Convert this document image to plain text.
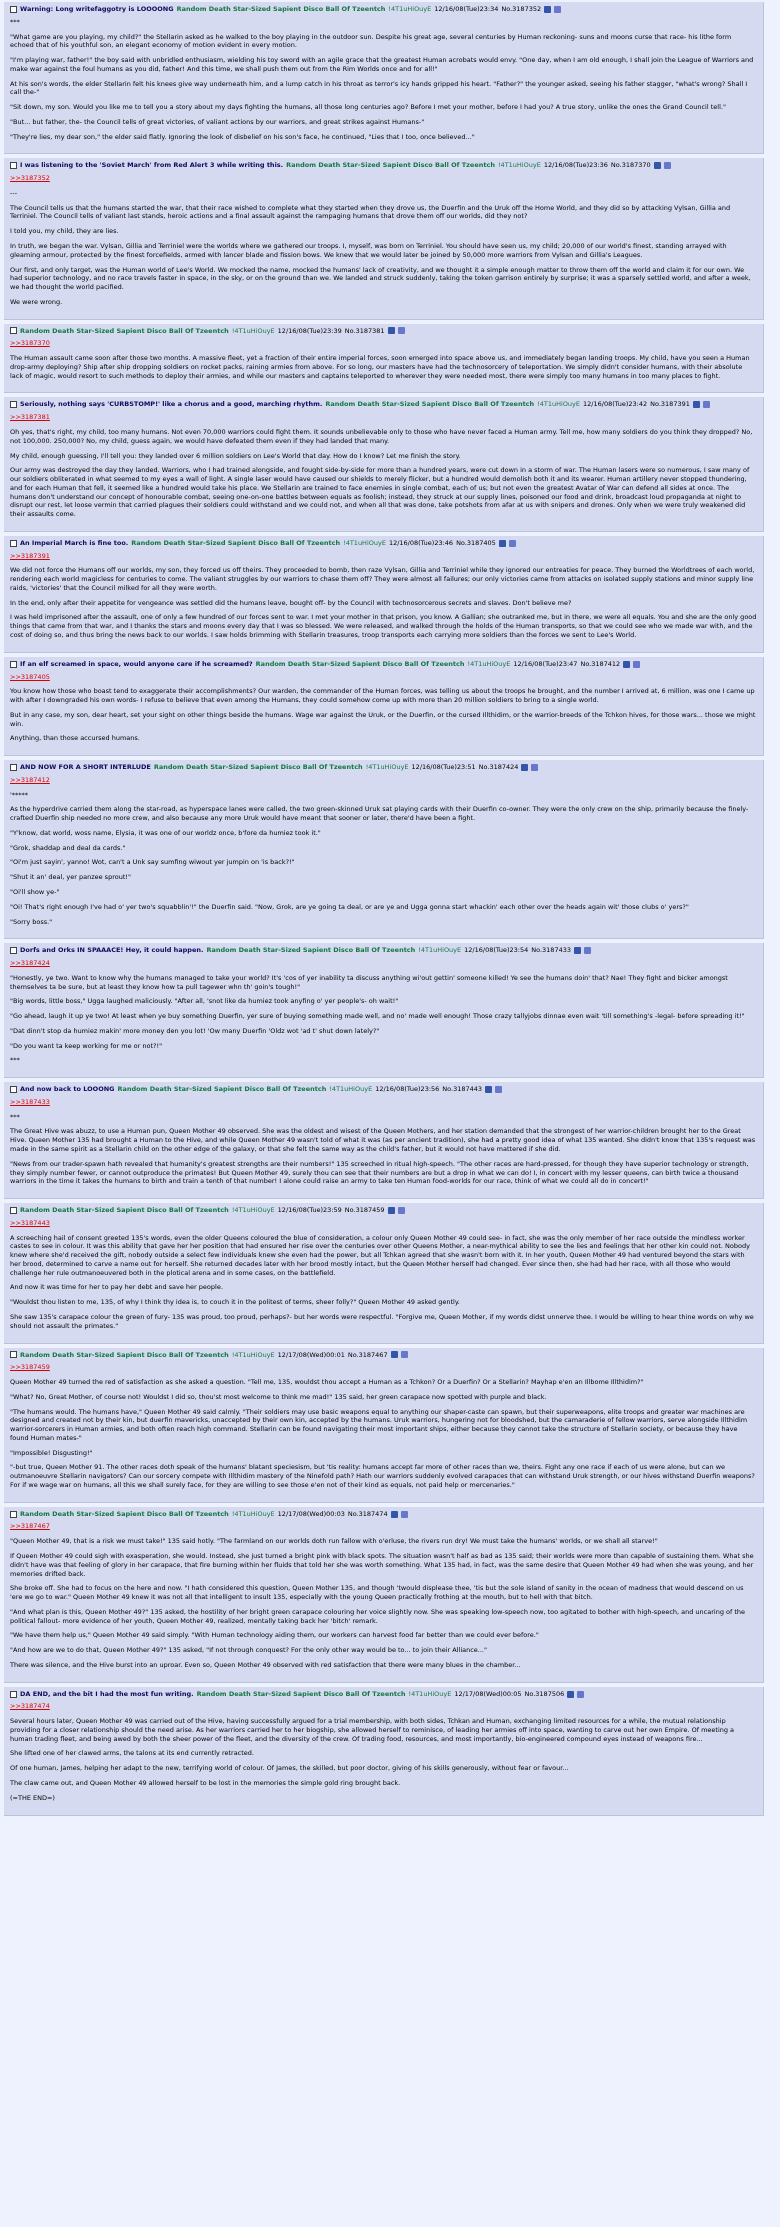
Warning: Long writefaggotry is LOOOONG Random Death Star-Sized Sapient Disco Ball Of Tzeentch !4T1uHiOuyE 12/16/08(Tue)23:34 No.3187352

***

"What game are you playing, my child?" the Stellarin asked as he walked to the boy playing in the outdoor sun. Despite his great age, several centuries by Human reckoning- suns and moons curse that race- his lithe form echoed that of his youthful son, an elegant economy of motion evident in every motion.

"I'm playing war, father!" the boy said with unbridled enthusiasm, wielding his toy sword with an agile grace that the greatest Human acrobats would envy. "One day, when I am old enough, I shall join the League of Warriors and make war against the foul humans as you did, father! And this time, we shall push them out from the Rim Worlds once and for all!"

At his son's words, the elder Stellarin felt his knees give way underneath him, and a lump catch in his throat as terror's icy hands gripped his heart. "Father?" the younger asked, seeing his father stagger, "what's wrong? Shall I call the-"

"Sit down, my son. Would you like me to tell you a story about my days fighting the humans, all those long centuries ago? Before I met your mother, before I had you? A true story, unlike the ones the Grand Council tell."

"But... but father, the- the Council tells of great victories, of valiant actions by our warriors, and great strikes against Humans-"

"They're lies, my dear son," the elder said flatly. Ignoring the look of disbelief on his son's face, he continued, "Lies that I too, once believed..."

I was listening to the 'Soviet March' from Red Alert 3 while writing this. Random Death Star-Sized Sapient Disco Ball Of Tzeentch !4T1uHiOuyE 12/16/08(Tue)23:36 No.3187370

>>3187352

---

The Council tells us that the humans started the war, that their race wished to complete what they started when they drove us, the Duerfin and the Uruk off the Home World, and they did so by attacking Vylsan, Gillia and Terriniel. The Council tells of valiant last stands, heroic actions and a final assault against the rampaging humans that drove them off our worlds, did they not?

I told you, my child, they are lies.

In truth, we began the war. Vylsan, Gillia and Terriniel were the worlds where we gathered our troops. I, myself, was born on Terriniel. You should have seen us, my child; 20,000 of our world's finest, standing arrayed with gleaming armour, protected by the finest forcefields, armed with lancer blade and fission bows. We knew that we would later be joined by 50,000 more warriors from Vylsan and Gillia's Leagues.

Our first, and only target, was the Human world of Lee's World. We mocked the name, mocked the humans' lack of creativity, and we thought it a simple enough matter to throw them off the world and claim it for our own. We had superior technology, and no race travels faster in space, in the sky, or on the ground than we. We landed and struck suddenly, taking the token garrison entirely by surprise; it was a sparsely settled world, and after a week, we had thought the world pacified.

We were wrong.

Random Death Star-Sized Sapient Disco Ball Of Tzeentch !4T1uHiOuyE 12/16/08(Tue)23:39 No.3187381

>>3187370

The Human assault came soon after those two months. A massive fleet, yet a fraction of their entire imperial forces, soon emerged into space above us, and immediately began landing troops. My child, have you seen a Human drop-army deploying? Ship after ship dropping soldiers on rocket packs, raining armies from above. For so long, our masters have had the technosorcery of teleportation. We simply didn't consider humans, with their absolute lack of magic, would resort to such methods to deploy their armies, and while our masters and captains teleported to wherever they were needed most, there were simply too many humans in too many places to fight.

Seriously, nothing says 'CURBSTOMP!' like a chorus and a good, marching rhythm. Random Death Star-Sized Sapient Disco Ball Of Tzeentch !4T1uHiOuyE 12/16/08(Tue)23:42 No.3187391

>>3187381

Oh yes, that's right, my child, too many humans. Not even 70,000 warriors could fight them. It sounds unbelievable only to those who have never faced a Human army. Tell me, how many soldiers do you think they dropped? No, not 100,000. 250,000? No, my child, guess again, we would have defeated them even if they had landed that many.

My child, enough guessing, I'll tell you: they landed over 6 million soldiers on Lee's World that day. How do I know? Let me finish the story.

Our army was destroyed the day they landed. Warriors, who I had trained alongside, and fought side-by-side for more than a hundred years, were cut down in a storm of war. The Human lasers were so numerous, I saw many of our soldiers obliterated in what seemed to my eyes a wall of light. A single laser would have caused our shields to merely flicker, but a hundred would demolish both it and its wearer. Human artillery never stopped thundering, and for each Human that fell, it seemed like a hundred would take his place. We Stellarin are trained to face enemies in single combat, each of us; but not even the greatest Avatar of War can defend all sides at once. The humans don't understand our concept of honourable combat, seeing one-on-one battles between equals as foolish; instead, they struck at our supply lines, poisoned our food and drink, broadcast loud propaganda at night to disrupt our rest, let loose vermin that carried plagues their soldiers could withstand and we could not, and when all that was done, take potshots from afar at us with snipers and drones. Only when we were truly weakened did their assaults come.

An Imperial March is fine too. Random Death Star-Sized Sapient Disco Ball Of Tzeentch !4T1uHiOuyE 12/16/08(Tue)23:46 No.3187405

>>3187391

We did not force the Humans off our worlds, my son, they forced us off theirs. They proceeded to bomb, then raze Vylsan, Gillia and Terriniel while they ignored our entreaties for peace. They burned the Worldtrees of each world, rendering each world magicless for centuries to come. The valiant struggles by our warriors to chase them off? They were almost all failures; our only victories came from attacks on isolated supply stations and minor supply line raids, 'victories' that the Council milked for all they were worth.

In the end, only after their appetite for vengeance was settled did the humans leave, bought off- by the Council with technosorcerous secrets and slaves. Don't believe me?

I was held imprisoned after the assault, one of only a few hundred of our forces sent to war. I met your mother in that prison, you know. A Gallian; she outranked me, but in there, we were all equals. You and she are the only good things that came from that war, and I thanks the stars and moons every day that I was so blessed. We were released, and walked through the holds of the Human transports, so that we could see who we made war with, and the cost of doing so, and thus bring the news back to our worlds. I saw holds brimming with Stellarin treasures, troop transports each carrying more soldiers than the forces we sent to Lee's World.

If an elf screamed in space, would anyone care if he screamed? Random Death Star-Sized Sapient Disco Ball Of Tzeentch !4T1uHiOuyE 12/16/08(Tue)23:47 No.3187412

>>3187405

You know how those who boast tend to exaggerate their accomplishments? Our warden, the commander of the Human forces, was telling us about the troops he brought, and the number I arrived at, 6 million, was one I came up with after I downgraded his own words- I refuse to believe that even among the Humans, they could somehow come up with more than 20 million soldiers to bring to a single world.

But in any case, my son, dear heart, set your sight on other things beside the humans. Wage war against the Uruk, or the Duerfin, or the cursed Illthidim, or the warrior-breeds of the Tchkon hives, for those wars... those we might win.

Anything, than those accursed humans.

AND NOW FOR A SHORT INTERLUDE Random Death Star-Sized Sapient Disco Ball Of Tzeentch !4T1uHiOuyE 12/16/08(Tue)23:51 No.3187424

>>3187412

'*****

As the hyperdrive carried them along the star-road, as hyperspace lanes were called, the two green-skinned Uruk sat playing cards with their Duerfin co-owner. They were the only crew on the ship, primarily because the finely-crafted Duerfin ship needed no more crew, and also because any more Uruk would have meant that sooner or later, there'd have been a fight.

"Y'know, dat world, woss name, Elysia, it was one of our worldz once, b'fore da humiez took it."

"Grok, shaddap and deal da cards."

"Oi'm just sayin', yanno! Wot, can't a Unk say sumfing wiwout yer jumpin on 'is back?!"

"Shut it an' deal, yer panzee sprout!"

"Oi'll show ye-"

"Oi! That's right enough I've had o' yer two's squabblin'!" the Duerfin said. "Now, Grok, are ye going ta deal, or are ye and Ugga gonna start whackin' each other over the heads again wit' those clubs o' yers?"

"Sorry boss."

Dorfs and Orks IN SPAAACE! Hey, it could happen. Random Death Star-Sized Sapient Disco Ball Of Tzeentch !4T1uHiOuyE 12/16/08(Tue)23:54 No.3187433

>>3187424

"Honestly, ye two. Want to know why the humans managed to take your world? It's 'cos of yer inability ta discuss anything wi'out gettin' someone killed! Ye see the humans doin' that? Nae! They fight and bicker amongst themselves ta be sure, but at least they know how ta pull tagewer whn th' goin's tough!"

"Big words, little boss," Ugga laughed maliciously. "After all, 'snot like da humiez took anyfing o' yer people's- oh wait!"

"Go ahead, laugh it up ye two! At least when ye buy something Duerfin, yer sure of buying something made well, and no' made well enough! Those crazy tallyjobs dinnae even wait 'till something's -legal- before spreading it!"

"Dat dinn't stop da humiez makin' more money den you lot! 'Ow many Duerfin 'Oldz wot 'ad t' shut down lately?"

"Do you want ta keep working for me or not?!"

***

And now back to LOOONG Random Death Star-Sized Sapient Disco Ball Of Tzeentch !4T1uHiOuyE 12/16/08(Tue)23:56 No.3187443

>>3187433

***

The Great Hive was abuzz, to use a Human pun, Queen Mother 49 observed. She was the oldest and wisest of the Queen Mothers, and her station demanded that the strongest of her warrior-children brought her to the Great Hive. Queen Mother 135 had brought a Human to the Hive, and while Queen Mother 49 wasn't told of what it was (as per ancient tradition), she had a pretty good idea of what 135 wanted. She didn't know that 135's request was made in the same spirit as a Stellarin child on the other edge of the galaxy, or that she felt the same way as the child's father, but it would not have mattered if she did.

"News from our trader-spawn hath revealed that humanity's greatest strengths are their numbers!" 135 screeched in ritual high-speech. "The other races are hard-pressed, for though they have superior technology or strength, they simply number fewer, or cannot outproduce the primates! But Queen Mother 49, surely thou can see that their numbers are but a drop in what we can do! I, in concert with my lesser queens, can birth twice a thousand warriors in the time it takes the humans to birth and train a tenth of that number! I alone could raise an army to take ten Human food-worlds for our race, think of what we could all do in concert!"

Random Death Star-Sized Sapient Disco Ball Of Tzeentch !4T1uHiOuyE 12/16/08(Tue)23:59 No.3187459

>>3187443

A screeching hail of consent greeted 135's words, even the older Queens coloured the blue of consideration, a colour only Queen Mother 49 could see- in fact, she was the only member of her race outside the mindless worker castes to see in colour. It was this ability that gave her her position that had ensured her rise over the centuries over other Queens Mother, a near-mythical ability to see the lies and feelings that her other kin could not. Nobody knew where she'd received the gift, nobody outside a select few individuals knew she even had the power, but all Tchkan agreed that she wasn't born with it. In her youth, Queen Mother 49 had ventured beyond the stars with her brood, determined to carve a name out for herself. She returned decades later with her brood mostly intact, but the Queen Mother herself had changed. Ever since then, she had had her race, with all those who would challenge her rule outmanoeuvered both in the plotical arena and in some cases, on the battlefield.

And now it was time for her to pay her debt and save her people.

"Wouldst thou listen to me, 135, of why I think thy idea is, to couch it in the politest of terms, sheer folly?" Queen Mother 49 asked gently.

She saw 135's carapace colour the green of fury- 135 was proud, too proud, perhaps?- but her words were respectful. "Forgive me, Queen Mother, if my words didst unnerve thee. I would be willing to hear thine words on why we should not assault the primates."

Random Death Star-Sized Sapient Disco Ball Of Tzeentch !4T1uHiOuyE 12/17/08(Wed)00:01 No.3187467

>>3187459

Queen Mother 49 turned the red of satisfaction as she asked a question. "Tell me, 135, wouldst thou accept a Human as a Tchkon? Or a Duerfin? Or a Stellarin? Mayhap e'en an Illbome Illthidim?"

"What? No, Great Mother, of course not! Wouldst I did so, thou'st most welcome to think me mad!" 135 said, her green carapace now spotted with purple and black.

"The humans would. The humans have," Queen Mother 49 said calmly. "Their soldiers may use basic weapons equal to anything our shaper-caste can spawn, but their superweapons, elite troops and greater war machines are designed and created not by their kin, but duerfin mavericks, unaccepted by their own kin, accepted by the humans. Uruk warriors, hungering not for bloodshed, but the camaraderie of fellow warriors, serve alongside Illthidim warrior-sorcerers in Human armies, and both often reach high command. Stellarin can be found navigating their most important ships, either because they cannot take the structure of Stellarin society, or because they have found Human mates-"

"Impossible! Disgusting!"

"-but true, Queen Mother 91. The other races doth speak of the humans' blatant speciesism, but 'tis reality: humans accept far more of other races than we, theirs. Fight any one race if each of us were alone, but can we outmanoeuvre Stellarin navigators? Can our sorcery compete with Illthidim mastery of the Ninefold path? Hath our warriors suddenly evolved carapaces that can withstand Uruk strength, or our hives withstand Duerfin weapons? For if we wage war on humans, all this we shall surely face, for they are willing to see those e'en not of their kind as equals, not paid help or mercenaries."

Random Death Star-Sized Sapient Disco Ball Of Tzeentch !4T1uHiOuyE 12/17/08(Wed)00:03 No.3187474

>>3187467

"Queen Mother 49, that is a risk we must take!" 135 said hotly. "The farmland on our worlds doth run fallow with o'erluse, the rivers run dry! We must take the humans' worlds, or we shall all starve!"

If Queen Mother 49 could sigh with exasperation, she would. Instead, she just turned a bright pink with black spots. The situation wasn't half as bad as 135 said; their worlds were more than capable of sustaining them. What she didn't have was that feeling of glory in her carapace, that fire burning within her fluids that told her she was worth something. What 135 had, in fact, was the same desire that Queen Mother 49 had when she was young, and her memories drifted back.

She broke off. She had to focus on the here and now. "I hath considered this question, Queen Mother 135, and though 'twould displease thee, 'tis but the sole island of sanity in the ocean of madness that would descend on us 'ere we go to war." Queen Mother 49 knew it was not all that intelligent to insult 135, especially with the young Queen practically frothing at the mouth, but to hell with that bitch.

"And what plan is this, Queen Mother 49?" 135 asked, the hostility of her bright green carapace colouring her voice slightly now. She was speaking low-speech now, too agitated to bother with high-speech, and uncaring of the political fallout- more evidence of her youth, Queen Mother 49, realized, mentally taking back her 'bitch' remark.

"We have them help us," Queen Mother 49 said simply. "With Human technology aiding them, our workers can harvest food far better than we could ever before."

"And how are we to do that, Queen Mother 49?" 135 asked, "If not through conquest? For the only other way would be to... to join their Alliance..."

There was silence, and the Hive burst into an uproar. Even so, Queen Mother 49 observed with red satisfaction that there were many blues in the chamber...

DA END, and the bit I had the most fun writing. Random Death Star-Sized Sapient Disco Ball Of Tzeentch !4T1uHiOuyE 12/17/08(Wed)00:05 No.3187506

>>3187474

Several hours later, Queen Mother 49 was carried out of the Hive, having successfully argued for a trial membership, with both sides, Tchkan and Human, exchanging limited resources for a while, the mutual relationship providing for a closer relationship should the need arise. As her warriors carried her to her biogship, she allowed herself to reminisce, of leading her armies off into space, wanting to carve out her own Empire. Of meeting a human trading fleet, and being awed by both the sheer power of the fleet, and the diversity of the crew. Of trading food, resources, and most importantly, bio-engineered compound eyes instead of weapons fire...

She lifted one of her clawed arms, the talons at its end currently retracted.

Of one human, James, helping her adapt to the new, terrifying world of colour. Of James, the skilled, but poor doctor, giving of his skills generously, without fear or favour...

The claw came out, and Queen Mother 49 allowed herself to be lost in the memories the simple gold ring brought back.

(=THE END=)
